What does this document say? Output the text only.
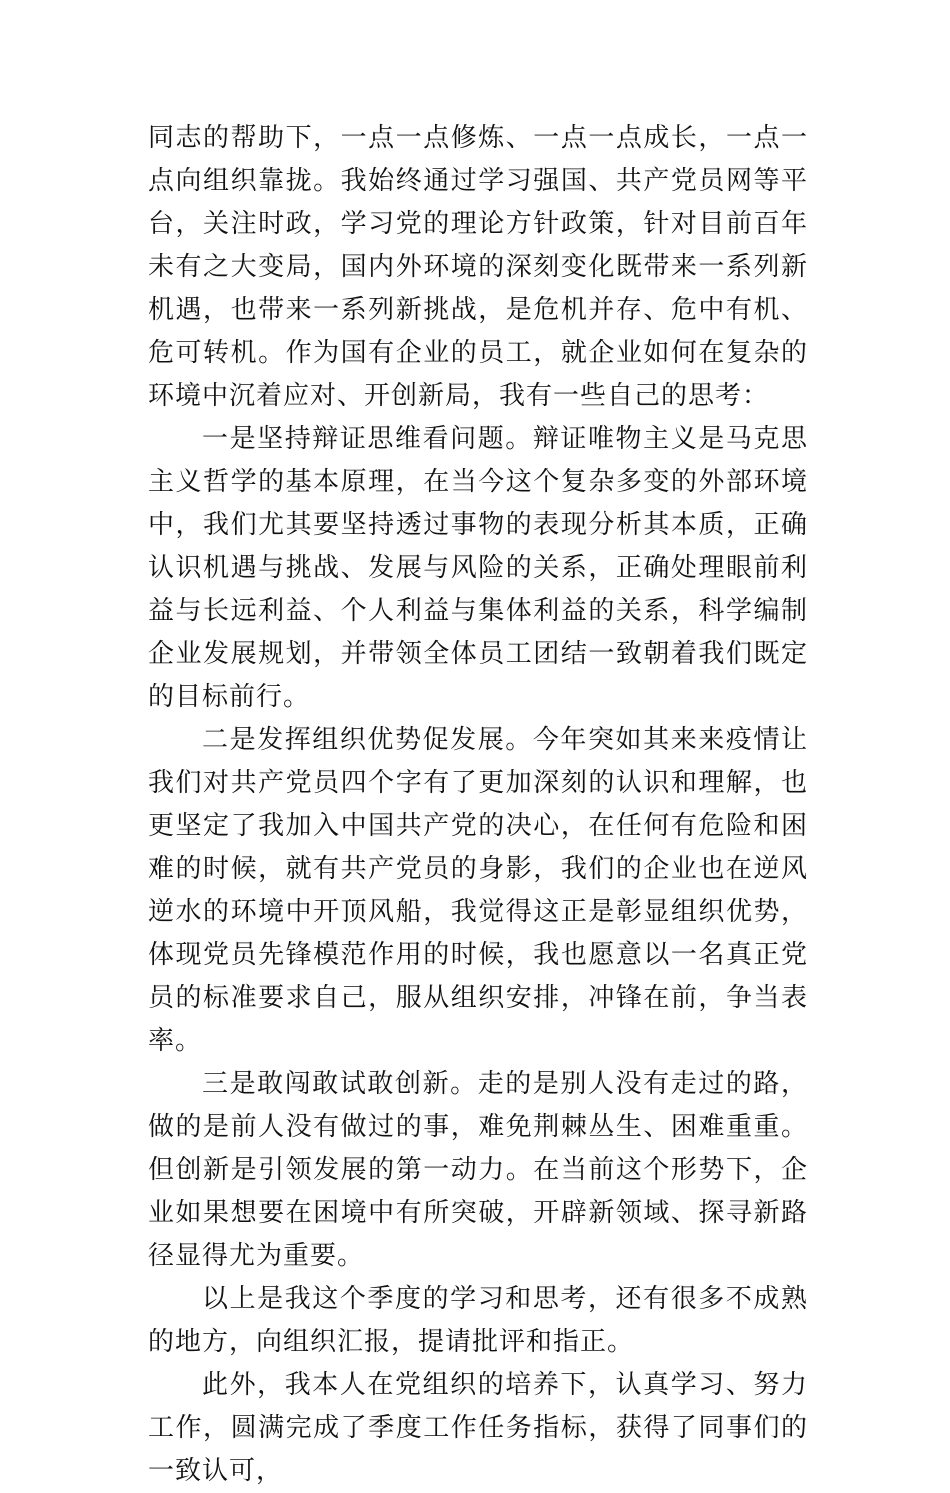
同志的帮助下，一点一点修炼、一点一点成长，一点一点向组织靠拢。我始终通过学习强国、共产党员网等平台，关注时政，学习党的理论方针政策，针对目前百年未有之大变局，国内外环境的深刻变化既带来一系列新机遇，也带来一系列新挑战，是危机并存、危中有机、危可转机。作为国有企业的员工，就企业如何在复杂的环境中沉着应对、开创新局，我有一些自己的思考：

一是坚持辩证思维看问题。辩证唯物主义是马克思主义哲学的基本原理，在当今这个复杂多变的外部环境中，我们尤其要坚持透过事物的表现分析其本质，正确认识机遇与挑战、发展与风险的关系，正确处理眼前利益与长远利益、个人利益与集体利益的关系，科学编制企业发展规划，并带领全体员工团结一致朝着我们既定的目标前行。

二是发挥组织优势促发展。今年突如其来来疫情让我们对共产党员四个字有了更加深刻的认识和理解，也更坚定了我加入中国共产党的决心，在任何有危险和困难的时候，就有共产党员的身影，我们的企业也在逆风逆水的环境中开顶风船，我觉得这正是彰显组织优势，体现党员先锋模范作用的时候，我也愿意以一名真正党员的标准要求自己，服从组织安排，冲锋在前，争当表率。

三是敢闯敢试敢创新。走的是别人没有走过的路，做的是前人没有做过的事，难免荆棘丛生、困难重重。但创新是引领发展的第一动力。在当前这个形势下，企业如果想要在困境中有所突破，开辟新领域、探寻新路径显得尤为重要。

以上是我这个季度的学习和思考，还有很多不成熟的地方，向组织汇报，提请批评和指正。

此外，我本人在党组织的培养下，认真学习、努力工作，圆满完成了季度工作任务指标，获得了同事们的一致认可，
